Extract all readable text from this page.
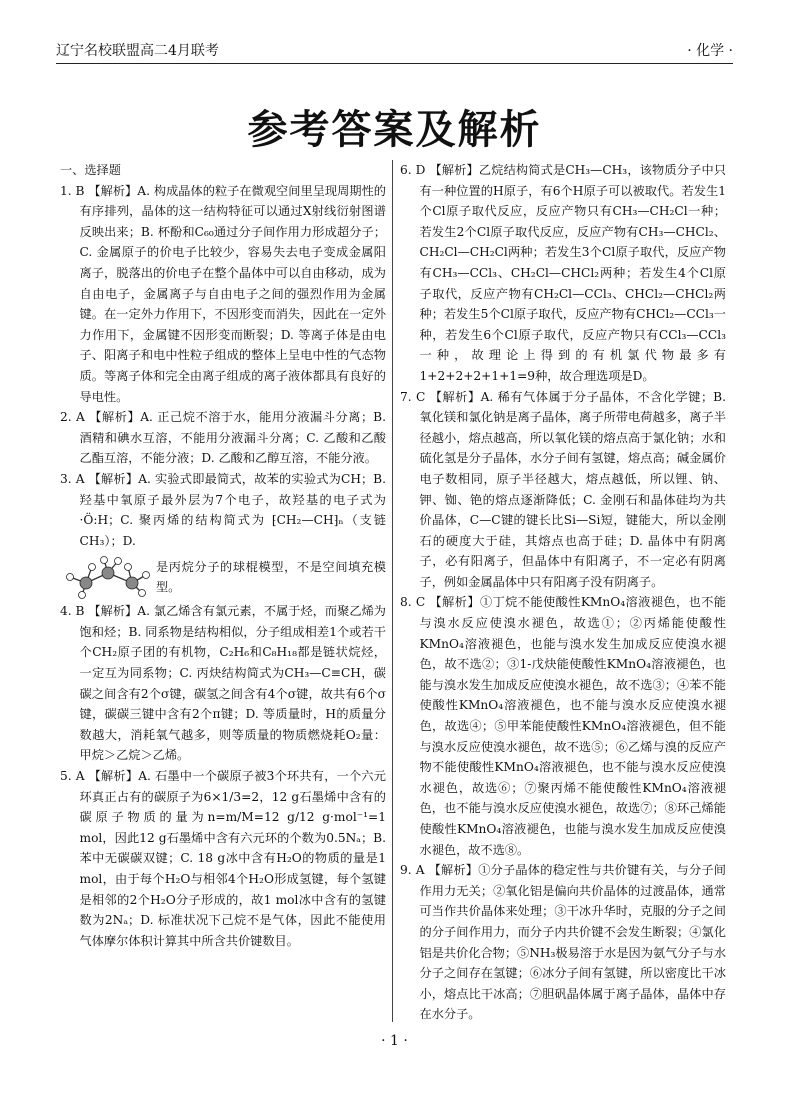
辽宁名校联盟高二4月联考	· 化学 ·
参考答案及解析

一、选择题

1. B 【解析】A. 构成晶体的粒子在微观空间里呈现周期性的有序排列，晶体的这一结构特征可以通过X射线衍射图谱反映出来；B. 杯酚和C₆₀通过分子间作用力形成超分子；C. 金属原子的价电子比较少，容易失去电子变成金属阳离子，脱落出的价电子在整个晶体中可以自由移动，成为自由电子，金属离子与自由电子之间的强烈作用为金属键。在一定外力作用下，不因形变而消失，因此在一定外力作用下，金属键不因形变而断裂；D. 等离子体是由电子、阳离子和电中性粒子组成的整体上呈电中性的气态物质。等离子体和完全由离子组成的离子液体都具有良好的导电性。

2. A 【解析】A. 正己烷不溶于水，能用分液漏斗分离；B. 酒精和碘水互溶，不能用分液漏斗分离；C. 乙酸和乙酸乙酯互溶，不能分液；D. 乙酸和乙醇互溶，不能分液。

3. A 【解析】A. 实验式即最简式，故苯的实验式为CH；B. 羟基中氧原子最外层为7个电子，故羟基的电子式为·Ö:H；C. 聚丙烯的结构简式为 ⁅CH₂—CH⁆ₙ（支链CH₃）；D.

是丙烷分子的球棍模型，不是空间填充模型。

4. B 【解析】A. 氯乙烯含有氯元素，不属于烃，而聚乙烯为饱和烃；B. 同系物是结构相似，分子组成相差1个或若干个CH₂原子团的有机物，C₂H₆和C₈H₁₈都是链状烷烃，一定互为同系物；C. 丙炔结构简式为CH₃—C≡CH，碳碳之间含有2个σ键，碳氢之间含有4个σ键，故共有6个σ键，碳碳三键中含有2个π键；D. 等质量时，H的质量分数越大，消耗氧气越多，则等质量的物质燃烧耗O₂量：甲烷＞乙烷＞乙烯。

5. A 【解析】A. 石墨中一个碳原子被3个环共有，一个六元环真正占有的碳原子为6×1/3=2，12 g石墨烯中含有的碳原子物质的量为n=m/M=12 g/12 g·mol⁻¹=1 mol，因此12 g石墨烯中含有六元环的个数为0.5Nₐ；B. 苯中无碳碳双键；C. 18 g冰中含有H₂O的物质的量是1 mol，由于每个H₂O与相邻4个H₂O形成氢键，每个氢键是相邻的2个H₂O分子形成的，故1 mol冰中含有的氢键数为2Nₐ；D. 标准状况下己烷不是气体，因此不能使用气体摩尔体积计算其中所含共价键数目。

6. D 【解析】乙烷结构简式是CH₃—CH₃，该物质分子中只有一种位置的H原子，有6个H原子可以被取代。若发生1个Cl原子取代反应，反应产物只有CH₃—CH₂Cl一种；若发生2个Cl原子取代反应，反应产物有CH₃—CHCl₂、CH₂Cl—CH₂Cl两种；若发生3个Cl原子取代，反应产物有CH₃—CCl₃、CH₂Cl—CHCl₂两种；若发生4个Cl原子取代，反应产物有CH₂Cl—CCl₃、CHCl₂—CHCl₂两种；若发生5个Cl原子取代，反应产物有CHCl₂—CCl₃一种，若发生6个Cl原子取代，反应产物只有CCl₃—CCl₃一种，故理论上得到的有机氯代物最多有1+2+2+2+1+1=9种，故合理选项是D。

7. C 【解析】A. 稀有气体属于分子晶体，不含化学键；B. 氧化镁和氯化钠是离子晶体，离子所带电荷越多，离子半径越小，熔点越高，所以氧化镁的熔点高于氯化钠；水和硫化氢是分子晶体，水分子间有氢键，熔点高；碱金属价电子数相同，原子半径越大，熔点越低，所以锂、钠、钾、铷、铯的熔点逐渐降低；C. 金刚石和晶体硅均为共价晶体，C—C键的键长比Si—Si短，键能大，所以金刚石的硬度大于硅，其熔点也高于硅；D. 晶体中有阴离子，必有阳离子，但晶体中有阳离子，不一定必有阴离子，例如金属晶体中只有阳离子没有阴离子。

8. C 【解析】①丁烷不能使酸性KMnO₄溶液褪色，也不能与溴水反应使溴水褪色，故选①；②丙烯能使酸性KMnO₄溶液褪色，也能与溴水发生加成反应使溴水褪色，故不选②；③1-戊炔能使酸性KMnO₄溶液褪色，也能与溴水发生加成反应使溴水褪色，故不选③；④苯不能使酸性KMnO₄溶液褪色，也不能与溴水反应使溴水褪色，故选④；⑤甲苯能使酸性KMnO₄溶液褪色，但不能与溴水反应使溴水褪色，故不选⑤；⑥乙烯与溴的反应产物不能使酸性KMnO₄溶液褪色，也不能与溴水反应使溴水褪色，故选⑥；⑦聚丙烯不能使酸性KMnO₄溶液褪色，也不能与溴水反应使溴水褪色，故选⑦；⑧环己烯能使酸性KMnO₄溶液褪色，也能与溴水发生加成反应使溴水褪色，故不选⑧。

9. A 【解析】①分子晶体的稳定性与共价键有关，与分子间作用力无关；②氧化铝是偏向共价晶体的过渡晶体，通常可当作共价晶体来处理；③干冰升华时，克服的分子之间的分子间作用力，而分子内共价键不会发生断裂；④氯化铝是共价化合物；⑤NH₃极易溶于水是因为氨气分子与水分子之间存在氢键；⑥冰分子间有氢键，所以密度比干冰小，熔点比干冰高；⑦胆矾晶体属于离子晶体，晶体中存在水分子。

· 1 ·
